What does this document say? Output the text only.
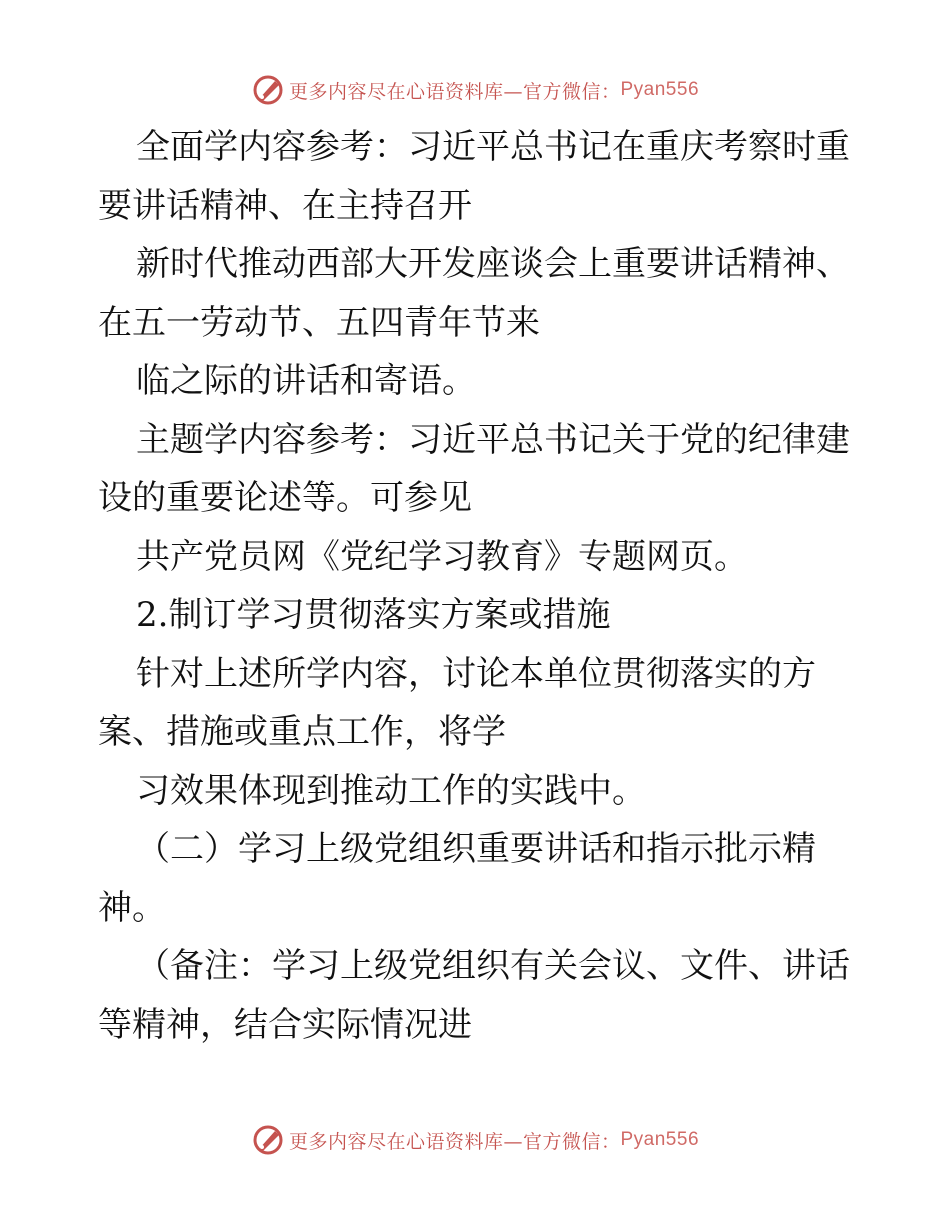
更多内容尽在心语资料库— 官方微信： Pyan556
全面学内容参考：习近平总书记在重庆考察时重
要讲话精神、在主持召开
新时代推动西部大开发座谈会上重要讲话精神、
在五一劳动节、五四青年节来
临之际的讲话和寄语。
主题学内容参考：习近平总书记关于党的纪律建
设的重要论述等。可参见
共产党员网《党纪学习教育》专题网页。
2.制订学习贯彻落实方案或措施
针对上述所学内容，讨论本单位贯彻落实的方
案、措施或重点工作，将学
习效果体现到推动工作的实践中。
（二）学习上级党组织重要讲话和指示批示精
神。
（备注：学习上级党组织有关会议、文件、讲话
等精神，结合实际情况进
更多内容尽在心语资料库— 官方微信： Pyan556
